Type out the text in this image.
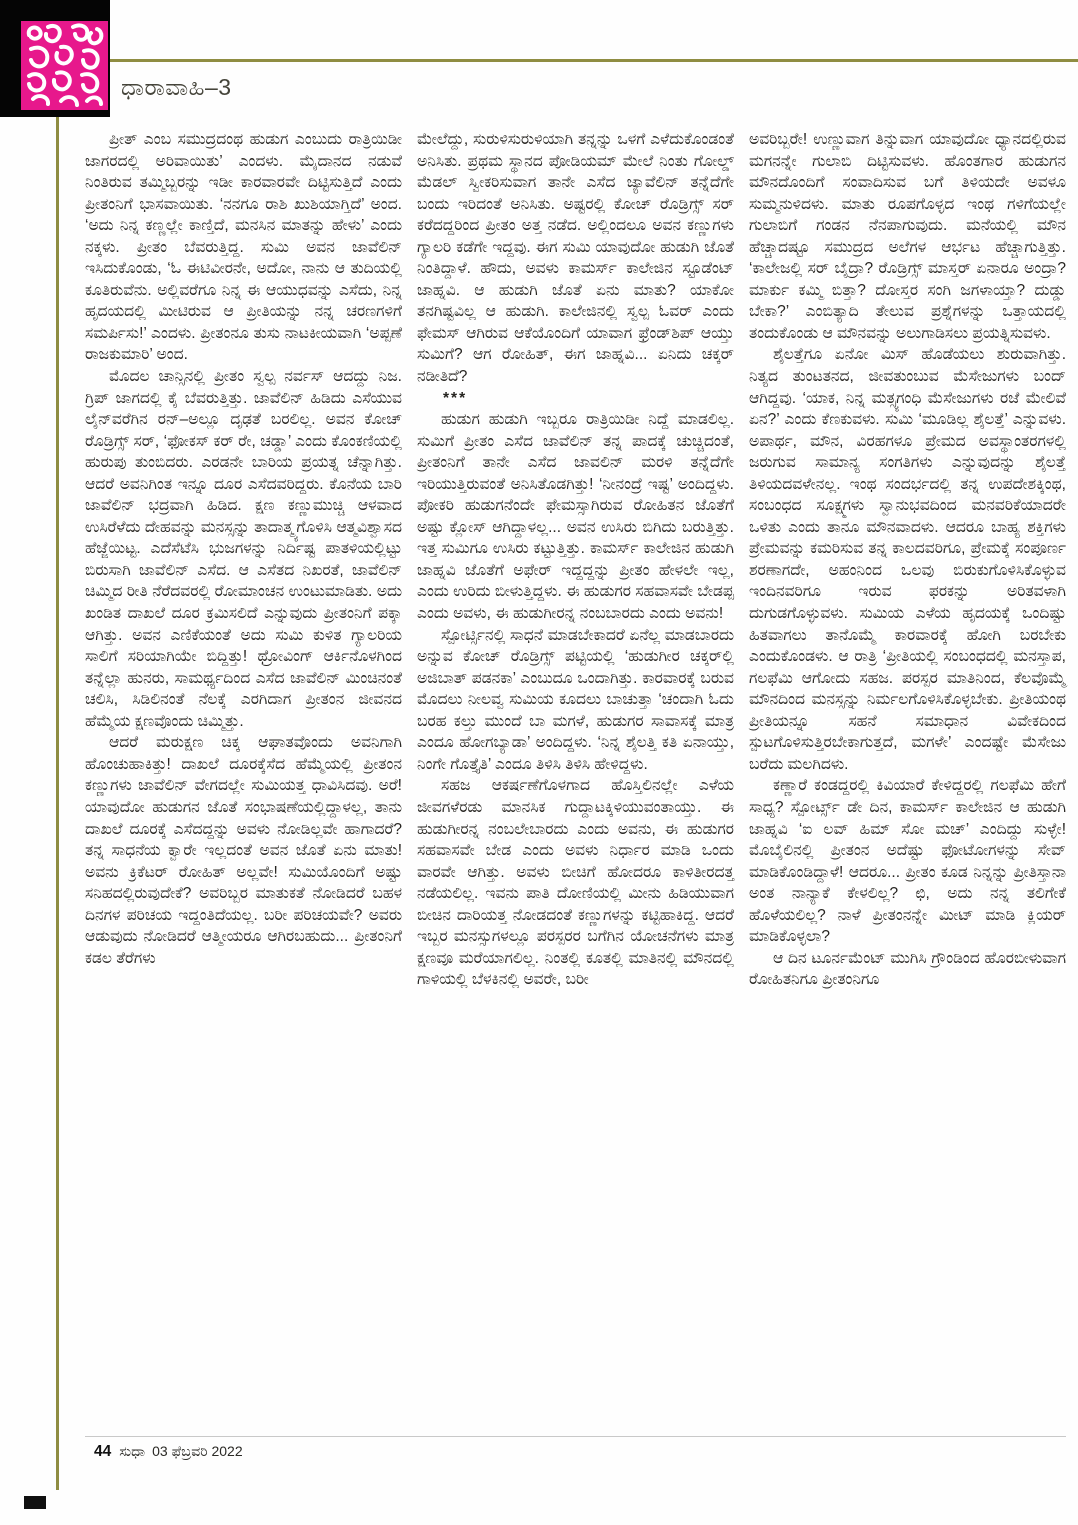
ಧಾರಾವಾಹಿ–3

ಪ್ರೀತ್ ಎಂಬ ಸಮುದ್ರದಂಥ ಹುಡುಗ ಎಂಬುದು ರಾತ್ರಿಯಿಡೀ ಜಾಗರದಲ್ಲಿ ಅರಿವಾಯಿತು’ ಎಂದಳು. ಮೈದಾನದ ನಡುವೆ ನಿಂತಿರುವ ತಮ್ಮಿಬ್ಬರನ್ನು ಇಡೀ ಕಾರವಾರವೇ ದಿಟ್ಟಿಸುತ್ತಿದೆ ಎಂದು ಪ್ರೀತಂನಿಗೆ ಭಾಸವಾಯಿತು. ‘ನನಗೂ ರಾಶಿ ಖುಶಿಯಾಗ್ತಿದೆ’ ಅಂದ. ‘ಅದು ನಿನ್ನ ಕಣ್ಣಲ್ಲೇ ಕಾಣ್ತಿದೆ, ಮನಸಿನ ಮಾತನ್ನು ಹೇಳು’ ಎಂದು ನಕ್ಕಳು. ಪ್ರೀತಂ ಬೆವರುತ್ತಿದ್ದ. ಸುಮಿ ಅವನ ಜಾವೆಲಿನ್ ಇಸಿದುಕೊಂಡು, ‘ಓ ಈಟಿವೀರನೇ, ಅದೋ, ನಾನು ಆ ತುದಿಯಲ್ಲಿ ಕೂತಿರುವೆನು. ಅಲ್ಲಿವರೆಗೂ ನಿನ್ನ ಈ ಆಯುಧವನ್ನು ಎಸೆದು, ನಿನ್ನ ಹೃದಯದಲ್ಲಿ ಮೀಟಿರುವ ಆ ಪ್ರೀತಿಯನ್ನು ನನ್ನ ಚರಣಗಳಿಗೆ ಸಮರ್ಪಿಸು!’ ಎಂದಳು. ಪ್ರೀತಂನೂ ತುಸು ನಾಟಕೀಯವಾಗಿ ‘ಅಪ್ಪಣೆ ರಾಜಕುಮಾರಿ’ ಅಂದ.

ಮೊದಲ ಚಾನ್ಸಿನಲ್ಲಿ ಪ್ರೀತಂ ಸ್ವಲ್ಪ ನರ್ವಸ್ ಆದದ್ದು ನಿಜ. ಗ್ರಿಪ್ ಜಾಗದಲ್ಲಿ ಕೈ ಬೆವರುತ್ತಿತ್ತು. ಜಾವೆಲಿನ್ ಹಿಡಿದು ಎಸೆಯುವ ಲೈನ್‌ವರೆಗಿನ ರನ್–ಅಲ್ಲೂ ದೃಢತೆ ಬರಲಿಲ್ಲ. ಅವನ ಕೋಚ್ ರೊಡ್ರಿಗ್ಸ್ ಸರ್, ‘ಫೋಕಸ್ ಕರ್ ರೇ, ಚಡ್ಡಾ’ ಎಂದು ಕೊಂಕಣಿಯಲ್ಲಿ ಹುರುಪು ತುಂಬಿದರು. ಎರಡನೇ ಬಾರಿಯ ಪ್ರಯತ್ನ ಚೆನ್ನಾಗಿತ್ತು. ಆದರೆ ಅವನಿಗಿಂತ ಇನ್ನೂ ದೂರ ಎಸೆದವರಿದ್ದರು. ಕೊನೆಯ ಬಾರಿ ಜಾವೆಲಿನ್ ಭದ್ರವಾಗಿ ಹಿಡಿದ. ಕ್ಷಣ ಕಣ್ಣುಮುಚ್ಚಿ ಆಳವಾದ ಉಸಿರೆಳೆದು ದೇಹವನ್ನು ಮನಸ್ಸನ್ನು ತಾದಾತ್ಮ್ಯಗೊಳಿಸಿ ಆತ್ಮವಿಶ್ವಾಸದ ಹೆಜ್ಜೆಯಿಟ್ಟ. ಎದೆಸೆಟೆಸಿ ಭುಜಗಳನ್ನು ನಿರ್ದಿಷ್ಟ ಪಾತಳಿಯಲ್ಲಿಟ್ಟು ಬಿರುಸಾಗಿ ಜಾವೆಲಿನ್ ಎಸೆದ. ಆ ಎಸೆತದ ನಿಖರತೆ, ಜಾವೆಲಿನ್ ಚಿಮ್ಮಿದ ರೀತಿ ನೆರೆದವರಲ್ಲಿ ರೋಮಾಂಚನ ಉಂಟುಮಾಡಿತು. ಅದು ಖಂಡಿತ ದಾಖಲೆ ದೂರ ಕ್ರಮಿಸಲಿದೆ ಎನ್ನುವುದು ಪ್ರೀತಂನಿಗೆ ಪಕ್ಕಾ ಆಗಿತ್ತು. ಅವನ ಎಣಿಕೆಯಂತೆ ಅದು ಸುಮಿ ಕುಳಿತ ಗ್ಯಾಲರಿಯ ಸಾಲಿಗೆ ಸರಿಯಾಗಿಯೇ ಬಿದ್ದಿತ್ತು! ಥ್ರೋವಿಂಗ್ ಆರ್ಕಿನೊಳಗಿಂದ ತನ್ನೆಲ್ಲಾ ಹುನರು, ಸಾಮರ್ಥ್ಯದಿಂದ ಎಸೆದ ಜಾವೆಲಿನ್ ಮಿಂಚಿನಂತೆ ಚಲಿಸಿ, ಸಿಡಿಲಿನಂತೆ ನೆಲಕ್ಕೆ ಎರಗಿದಾಗ ಪ್ರೀತಂನ ಜೀವನದ ಹೆಮ್ಮೆಯ ಕ್ಷಣವೊಂದು ಚಿಮ್ಮಿತ್ತು.

ಆದರೆ ಮರುಕ್ಷಣ ಚಿಕ್ಕ ಆಘಾತವೊಂದು ಅವನಿಗಾಗಿ ಹೊಂಚುಹಾಕಿತ್ತು! ದಾಖಲೆ ದೂರಕ್ಕೆಸೆದ ಹೆಮ್ಮೆಯಲ್ಲಿ ಪ್ರೀತಂನ ಕಣ್ಣುಗಳು ಜಾವೆಲಿನ್ ವೇಗದಲ್ಲೇ ಸುಮಿಯತ್ತ ಧಾವಿಸಿದವು. ಅರೆ! ಯಾವುದೋ ಹುಡುಗನ ಜೊತೆ ಸಂಭಾಷಣೆಯಲ್ಲಿದ್ದಾಳಲ್ಲ, ತಾನು ದಾಖಲೆ ದೂರಕ್ಕೆ ಎಸೆದದ್ದನ್ನು ಅವಳು ನೋಡಿಲ್ಲವೇ ಹಾಗಾದರೆ? ತನ್ನ ಸಾಧನೆಯ ಕ್ವಾರೇ ಇಲ್ಲದಂತೆ ಅವನ ಜೊತೆ ಏನು ಮಾತು! ಅವನು ಕ್ರಿಕೆಟರ್ ರೋಹಿತ್ ಅಲ್ಲವೇ! ಸುಮಿಯೊಂದಿಗೆ ಅಷ್ಟು ಸನಿಹದಲ್ಲಿರುವುದೇಕೆ? ಅವರಿಬ್ಬರ ಮಾತುಕತೆ ನೋಡಿದರೆ ಬಹಳ ದಿನಗಳ ಪರಿಚಯ ಇದ್ದಂತಿದೆಯಲ್ಲ. ಬರೀ ಪರಿಚಯವೇ? ಅವರು ಆಡುವುದು ನೋಡಿದರೆ ಆತ್ಮೀಯರೂ ಆಗಿರಬಹುದು... ಪ್ರೀತಂನಿಗೆ ಕಡಲ ತೆರೆಗಳು

ಮೇಲೆದ್ದು, ಸುರುಳಿಸುರುಳಿಯಾಗಿ ತನ್ನನ್ನು ಒಳಗೆ ಎಳೆದುಕೊಂಡಂತೆ ಅನಿಸಿತು. ಪ್ರಥಮ ಸ್ಥಾನದ ಪೋಡಿಯಮ್ ಮೇಲೆ ನಿಂತು ಗೋಲ್ಡ್ ಮೆಡಲ್ ಸ್ವೀಕರಿಸುವಾಗ ತಾನೇ ಎಸೆದ ಜ್ಯಾವೆಲಿನ್ ತನ್ನೆದೆಗೇ ಬಂದು ಇರಿದಂತೆ ಅನಿಸಿತು. ಅಷ್ಟರಲ್ಲಿ ಕೋಚ್ ರೊಡ್ರಿಗ್ಸ್ ಸರ್ ಕರೆದದ್ದರಿಂದ ಪ್ರೀತಂ ಅತ್ತ ನಡೆದ. ಅಲ್ಲಿಂದಲೂ ಅವನ ಕಣ್ಣುಗಳು ಗ್ಯಾಲರಿ ಕಡೆಗೇ ಇದ್ದವು. ಈಗ ಸುಮಿ ಯಾವುದೋ ಹುಡುಗಿ ಜೊತೆ ನಿಂತಿದ್ದಾಳೆ. ಹೌದು, ಅವಳು ಕಾಮರ್ಸ್ ಕಾಲೇಜಿನ ಸ್ಟೂಡೆಂಟ್ ಜಾಹ್ನವಿ. ಆ ಹುಡುಗಿ ಜೊತೆ ಏನು ಮಾತು? ಯಾಕೋ ತನಗಿಷ್ಟವಿಲ್ಲ ಆ ಹುಡುಗಿ. ಕಾಲೇಜಿನಲ್ಲಿ ಸ್ವಲ್ಪ ಓವರ್ ಎಂದು ಫೇಮಸ್ ಆಗಿರುವ ಆಕೆಯೊಂದಿಗೆ ಯಾವಾಗ ಫ್ರೆಂಡ್‌ಶಿಪ್ ಆಯ್ತು ಸುಮಿಗೆ? ಆಗ ರೋಹಿತ್, ಈಗ ಜಾಹ್ನವಿ... ಏನಿದು ಚಕ್ಕರ್ ನಡೀತಿದೆ?

***

ಹುಡುಗ ಹುಡುಗಿ ಇಬ್ಬರೂ ರಾತ್ರಿಯಿಡೀ ನಿದ್ದೆ ಮಾಡಲಿಲ್ಲ. ಸುಮಿಗೆ ಪ್ರೀತಂ ಎಸೆದ ಜಾವೆಲಿನ್ ತನ್ನ ಪಾದಕ್ಕೆ ಚುಚ್ಚಿದಂತೆ, ಪ್ರೀತಂನಿಗೆ ತಾನೇ ಎಸೆದ ಜಾವಲಿನ್ ಮರಳಿ ತನ್ನೆದೆಗೇ ಇರಿಯುತ್ತಿರುವಂತೆ ಅನಿಸಿತೊಡಗಿತ್ತು! ‘ನೀನಂದ್ರೆ ಇಷ್ಟ’ ಅಂದಿದ್ದಳು. ಪೋಕರಿ ಹುಡುಗನೆಂದೇ ಫೇಮಸ್ಸಾಗಿರುವ ರೋಹಿತನ ಜೊತೆಗೆ ಅಷ್ಟು ಕ್ಲೋಸ್ ಆಗಿದ್ದಾಳಲ್ಲ... ಅವನ ಉಸಿರು ಬಿಗಿದು ಬರುತ್ತಿತ್ತು. ಇತ್ತ ಸುಮಿಗೂ ಉಸಿರು ಕಟ್ಟುತ್ತಿತ್ತು. ಕಾಮರ್ಸ್ ಕಾಲೇಜಿನ ಹುಡುಗಿ ಜಾಹ್ನವಿ ಜೊತೆಗೆ ಅಫೇರ್ ಇದ್ದದ್ದನ್ನು ಪ್ರೀತಂ ಹೇಳಲೇ ಇಲ್ಲ, ಎಂದು ಉರಿದು ಬೀಳುತ್ತಿದ್ದಳು. ಈ ಹುಡುಗರ ಸಹವಾಸವೇ ಬೇಡಪ್ಪ ಎಂದು ಅವಳು, ಈ ಹುಡುಗೀರನ್ನ ನಂಬಬಾರದು ಎಂದು ಅವನು!

ಸ್ಪೋರ್ಟ್ಸಿನಲ್ಲಿ ಸಾಧನೆ ಮಾಡಬೇಕಾದರೆ ಏನೆಲ್ಲ ಮಾಡಬಾರದು ಅನ್ನುವ ಕೋಚ್ ರೊಡ್ರಿಗ್ಸ್ ಪಟ್ಟಿಯಲ್ಲಿ ‘ಹುಡುಗೀರ ಚಕ್ಕರ್‌ಲ್ಲಿ ಅಜಿಬಾತ್ ಪಡನಕಾ’ ಎಂಬುದೂ ಒಂದಾಗಿತ್ತು. ಕಾರವಾರಕ್ಕೆ ಬರುವ ಮೊದಲು ನೀಲವ್ವ ಸುಮಿಯ ಕೂದಲು ಬಾಚುತ್ತಾ ‘ಚಂದಾಗಿ ಓದು ಬರಹ ಕಲ್ತು ಮುಂದೆ ಬಾ ಮಗಳೆ, ಹುಡುಗರ ಸಾವಾಸಕ್ಕೆ ಮಾತ್ರ ಎಂದೂ ಹೋಗಬ್ಯಾಡಾ’ ಅಂದಿದ್ದಳು. ‘ನಿನ್ನ ಶೈಲತ್ತಿ ಕತಿ ಏನಾಯ್ತು, ನಿಂಗೇ ಗೊತ್ತೈತಿ’ ಎಂದೂ ತಿಳಿಸಿ ತಿಳಿಸಿ ಹೇಳಿದ್ದಳು.

ಸಹಜ ಆಕರ್ಷಣೆಗೊಳಗಾದ ಹೊಸ್ತಿಲಿನಲ್ಲೇ ಎಳೆಯ ಜೀವಗಳೆರಡು ಮಾನಸಿಕ ಗುದ್ದಾಟಕ್ಕಿಳಿಯುವಂತಾಯ್ತು. ಈ ಹುಡುಗೀರನ್ನ ನಂಬಲೇಬಾರದು ಎಂದು ಅವನು, ಈ ಹುಡುಗರ ಸಹವಾಸವೇ ಬೇಡ ಎಂದು ಅವಳು ನಿರ್ಧಾರ ಮಾಡಿ ಒಂದು ವಾರವೇ ಆಗಿತ್ತು. ಅವಳು ಬೀಚಿಗೆ ಹೋದರೂ ಕಾಳಿತೀರದತ್ತ ನಡೆಯಲಿಲ್ಲ. ಇವನು ಪಾತಿ ದೋಣಿಯಲ್ಲಿ ಮೀನು ಹಿಡಿಯುವಾಗ ಬೀಚಿನ ದಾರಿಯತ್ತ ನೋಡದಂತೆ ಕಣ್ಣುಗಳನ್ನು ಕಟ್ಟಿಹಾಕಿದ್ದ. ಆದರೆ ಇಬ್ಬರ ಮನಸ್ಸುಗಳಲ್ಲೂ ಪರಸ್ಪರರ ಬಗೆಗಿನ ಯೋಚನೆಗಳು ಮಾತ್ರ ಕ್ಷಣವೂ ಮರೆಯಾಗಲಿಲ್ಲ. ನಿಂತಲ್ಲಿ ಕೂತಲ್ಲಿ ಮಾತಿನಲ್ಲಿ ಮೌನದಲ್ಲಿ ಗಾಳಿಯಲ್ಲಿ ಬೆಳಕಿನಲ್ಲಿ ಅವರೇ, ಬರೀ

ಅವರಿಬ್ಬರೇ! ಉಣ್ಣುವಾಗ ತಿನ್ನುವಾಗ ಯಾವುದೋ ಧ್ಯಾನದಲ್ಲಿರುವ ಮಗನನ್ನೇ ಗುಲಾಬಿ ದಿಟ್ಟಿಸುವಳು. ಹೊಂತಗಾರ ಹುಡುಗನ ಮೌನದೊಂದಿಗೆ ಸಂವಾದಿಸುವ ಬಗೆ ತಿಳಿಯದೇ ಅವಳೂ ಸುಮ್ಮನುಳಿದಳು. ಮಾತು ರೂಪಗೊಳ್ಳದ ಇಂಥ ಗಳಿಗೆಯಲ್ಲೇ ಗುಲಾಬಿಗೆ ಗಂಡನ ನೆನಪಾಗುವುದು. ಮನೆಯಲ್ಲಿ ಮೌನ ಹೆಚ್ಚಾದಷ್ಟೂ ಸಮುದ್ರದ ಅಲೆಗಳ ಆರ್ಭಟ ಹೆಚ್ಚಾಗುತ್ತಿತ್ತು. ‘ಕಾಲೇಜಲ್ಲಿ ಸರ್ ಬೈದ್ರಾ? ರೊಡ್ರಿಗ್ಸ್ ಮಾಸ್ತರ್ ಏನಾರೂ ಅಂದ್ರಾ? ಮಾರ್ಕು ಕಮ್ಮಿ ಬಿತ್ತಾ? ದೋಸ್ತರ ಸಂಗಿ ಜಗಳಾಯ್ತಾ? ದುಡ್ಡು ಬೇಕಾ?’ ಎಂಬಿತ್ಯಾದಿ ತೇಲುವ ಪ್ರಶ್ನೆಗಳನ್ನು ಒತ್ತಾಯದಲ್ಲಿ ತಂದುಕೊಂಡು ಆ ಮೌನವನ್ನು ಅಲುಗಾಡಿಸಲು ಪ್ರಯತ್ನಿಸುವಳು.

ಶೈಲತ್ತೆಗೂ ಏನೋ ಮಿಸ್ ಹೊಡೆಯಲು ಶುರುವಾಗಿತ್ತು. ನಿತ್ಯದ ತುಂಟತನದ, ಜೀವತುಂಬುವ ಮೆಸೇಜುಗಳು ಬಂದ್ ಆಗಿದ್ದವು. ‘ಯಾಕ, ನಿನ್ನ ಮತ್ಸ್ಯಗಂಧಿ ಮೆಸೇಜುಗಳು ರಜೆ ಮೇಲಿವೆ ಏನ?’ ಎಂದು ಕೆಣಕುವಳು. ಸುಮಿ ‘ಮೂಡಿಲ್ಲ ಶೈಲತ್ತೆ’ ಎನ್ನುವಳು. ಅಪಾರ್ಥ, ಮೌನ, ವಿರಹಗಳೂ ಪ್ರೇಮದ ಅವಸ್ಥಾಂತರಗಳಲ್ಲಿ ಜರುಗುವ ಸಾಮಾನ್ಯ ಸಂಗತಿಗಳು ಎನ್ನುವುದನ್ನು ಶೈಲತ್ತೆ ತಿಳಿಯದವಳೇನಲ್ಲ. ಇಂಥ ಸಂದರ್ಭದಲ್ಲಿ ತನ್ನ ಉಪದೇಶಕ್ಕಿಂಥ, ಸಂಬಂಧದ ಸೂಕ್ಷ್ಮಗಳು ಸ್ವಾನುಭವದಿಂದ ಮನವರಿಕೆಯಾದರೇ ಒಳಿತು ಎಂದು ತಾನೂ ಮೌನವಾದಳು. ಆದರೂ ಬಾಹ್ಯ ಶಕ್ತಿಗಳು ಪ್ರೇಮವನ್ನು ಕಮರಿಸುವ ತನ್ನ ಕಾಲದವರಿಗೂ, ಪ್ರೇಮಕ್ಕೆ ಸಂಪೂರ್ಣ ಶರಣಾಗದೇ, ಅಹಂನಿಂದ ಒಲವು ಬಿರುಕುಗೊಳಿಸಿಕೊಳ್ಳುವ ಇಂದಿನವರಿಗೂ ಇರುವ ಫರಕನ್ನು ಅರಿತವಳಾಗಿ ದುಗುಡಗೊಳ್ಳುವಳು. ಸುಮಿಯ ಎಳೆಯ ಹೃದಯಕ್ಕೆ ಒಂದಿಷ್ಟು ಹಿತವಾಗಲು ತಾನೊಮ್ಮೆ ಕಾರವಾರಕ್ಕೆ ಹೋಗಿ ಬರಬೇಕು ಎಂದುಕೊಂಡಳು. ಆ ರಾತ್ರಿ ‘ಪ್ರೀತಿಯಲ್ಲಿ ಸಂಬಂಧದಲ್ಲಿ ಮನಸ್ತಾಪ, ಗಲಫೆಮಿ ಆಗೋದು ಸಹಜ. ಪರಸ್ಪರ ಮಾತಿನಿಂದ, ಕೆಲವೊಮ್ಮೆ ಮೌನದಿಂದ ಮನಸ್ಸನ್ನು ನಿರ್ಮಲಗೊಳಿಸಿಕೊಳ್ಳಬೇಕು. ಪ್ರೀತಿಯಂಥ ಪ್ರೀತಿಯನ್ನೂ ಸಹನೆ ಸಮಾಧಾನ ವಿವೇಕದಿಂದ ಸ್ಪುಟಗೊಳಿಸುತ್ತಿರಬೇಕಾಗುತ್ತದೆ, ಮಗಳೇ’ ಎಂದಷ್ಟೇ ಮೆಸೇಜು ಬರೆದು ಮಲಗಿದಳು.

ಕಣ್ಣಾರೆ ಕಂಡದ್ದರಲ್ಲಿ ಕಿವಿಯಾರೆ ಕೇಳಿದ್ದರಲ್ಲಿ ಗಲಫೆಮಿ ಹೇಗೆ ಸಾಧ್ಯ? ಸ್ಪೋರ್ಟ್ಸ್ ಡೇ ದಿನ, ಕಾಮರ್ಸ್ ಕಾಲೇಜಿನ ಆ ಹುಡುಗಿ ಜಾಹ್ನವಿ ‘ಐ ಲವ್ ಹಿಮ್ ಸೋ ಮಚ್’ ಎಂದಿದ್ದು ಸುಳ್ಳೇ! ಮೊಬೈಲಿನಲ್ಲಿ ಪ್ರೀತಂನ ಅದೆಷ್ಟು ಫೋಟೋಗಳನ್ನು ಸೇವ್ ಮಾಡಿಕೊಂಡಿದ್ದಾಳೆ! ಆದರೂ... ಪ್ರೀತಂ ಕೂಡ ನಿನ್ನನ್ನು ಪ್ರೀತಿಸ್ತಾನಾ ಅಂತ ನಾನ್ಯಾಕೆ ಕೇಳಲಿಲ್ಲ? ಛಿ, ಅದು ನನ್ನ ತಲಿಗೇಕೆ ಹೊಳೆಯಲಿಲ್ಲ? ನಾಳೆ ಪ್ರೀತಂನನ್ನೇ ಮೀಟ್ ಮಾಡಿ ಕ್ಲಿಯರ್ ಮಾಡಿಕೊಳ್ಳಲಾ?

ಆ ದಿನ ಟೂರ್ನಮೆಂಟ್ ಮುಗಿಸಿ ಗ್ರೌಂಡಿಂದ ಹೊರಬೀಳುವಾಗ ರೋಹಿತನಿಗೂ ಪ್ರೀತಂನಿಗೂ

44 ಸುಧಾ 03 ಫೆಬ್ರವರಿ 2022
